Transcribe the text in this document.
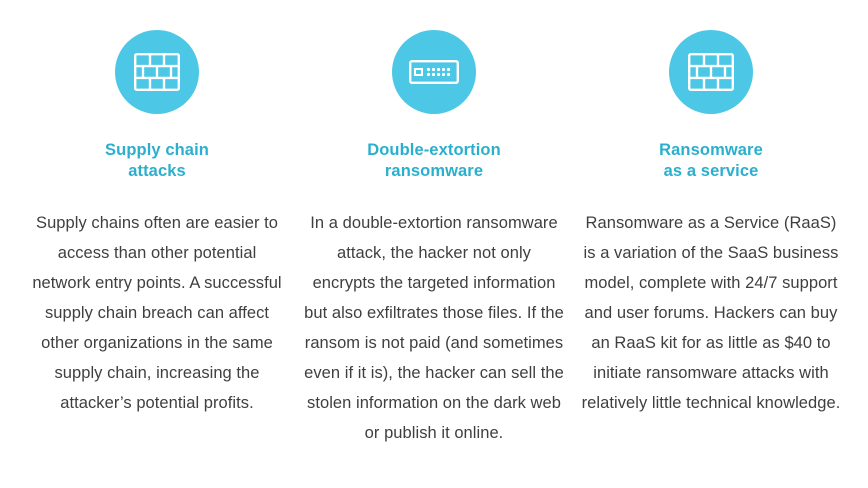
Supply chain
attacks
Supply chains often are easier to access than other potential network entry points. A successful supply chain breach can affect other organizations in the same supply chain, increasing the attacker’s potential profits.
Double-extortion
ransomware
In a double-extortion ransomware attack, the hacker not only encrypts the targeted information but also exfiltrates those files. If the ransom is not paid (and sometimes even if it is), the hacker can sell the stolen information on the dark web or publish it online.
Ransomware
as a service
Ransomware as a Service (RaaS) is a variation of the SaaS business model, complete with 24/7 support and user forums. Hackers can buy an RaaS kit for as little as $40 to initiate ransomware attacks with relatively little technical knowledge.
